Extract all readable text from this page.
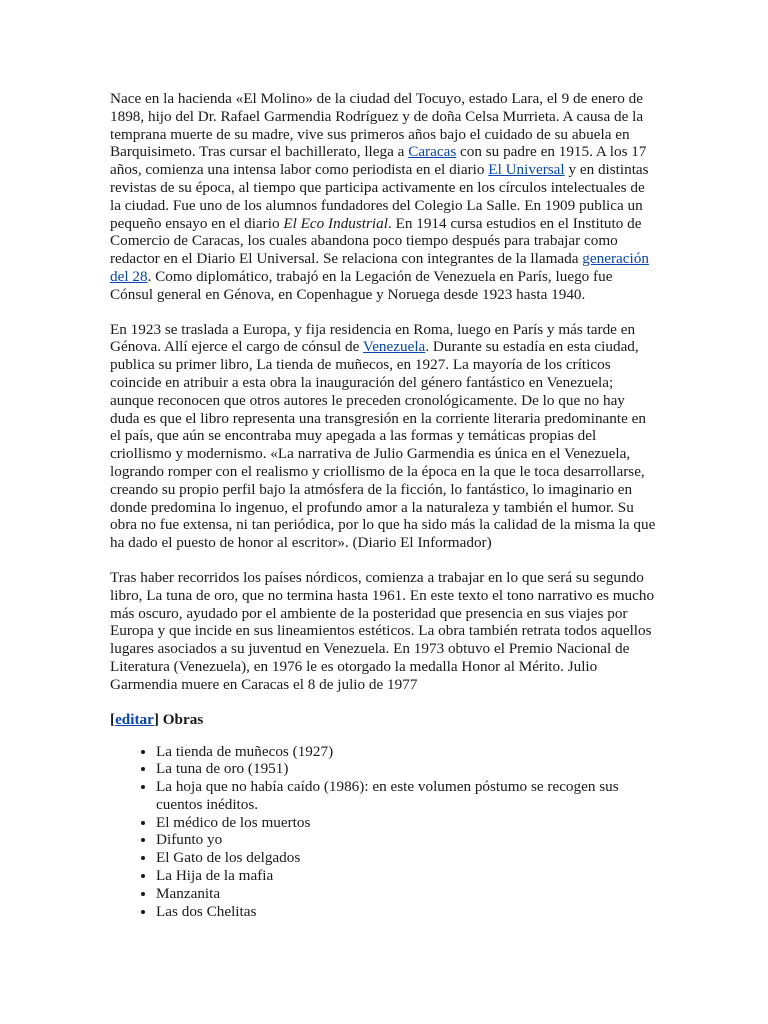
Nace en la hacienda «El Molino» de la ciudad del Tocuyo, estado Lara, el 9 de enero de 1898, hijo del Dr. Rafael Garmendia Rodríguez y de doña Celsa Murrieta. A causa de la temprana muerte de su madre, vive sus primeros años bajo el cuidado de su abuela en Barquisimeto. Tras cursar el bachillerato, llega a Caracas con su padre en 1915. A los 17 años, comienza una intensa labor como periodista en el diario El Universal y en distintas revistas de su época, al tiempo que participa activamente en los círculos intelectuales de la ciudad. Fue uno de los alumnos fundadores del Colegio La Salle. En 1909 publica un pequeño ensayo en el diario El Eco Industrial. En 1914 cursa estudios en el Instituto de Comercio de Caracas, los cuales abandona poco tiempo después para trabajar como redactor en el Diario El Universal. Se relaciona con integrantes de la llamada generación del 28. Como diplomático, trabajó en la Legación de Venezuela en París, luego fue Cónsul general en Génova, en Copenhague y Noruega desde 1923 hasta 1940.

En 1923 se traslada a Europa, y fija residencia en Roma, luego en París y más tarde en Génova. Allí ejerce el cargo de cónsul de Venezuela. Durante su estadía en esta ciudad, publica su primer libro, La tienda de muñecos, en 1927. La mayoría de los críticos coincide en atribuir a esta obra la inauguración del género fantástico en Venezuela; aunque reconocen que otros autores le preceden cronológicamente. De lo que no hay duda es que el libro representa una transgresión en la corriente literaria predominante en el país, que aún se encontraba muy apegada a las formas y temáticas propias del criollismo y modernismo. «La narrativa de Julio Garmendia es única en el Venezuela, logrando romper con el realismo y criollismo de la época en la que le toca desarrollarse, creando su propio perfil bajo la atmósfera de la ficción, lo fantástico, lo imaginario en donde predomina lo ingenuo, el profundo amor a la naturaleza y también el humor. Su obra no fue extensa, ni tan periódica, por lo que ha sido más la calidad de la misma la que ha dado el puesto de honor al escritor». (Diario El Informador)

Tras haber recorridos los países nórdicos, comienza a trabajar en lo que será su segundo libro, La tuna de oro, que no termina hasta 1961. En este texto el tono narrativo es mucho más oscuro, ayudado por el ambiente de la posteridad que presencia en sus viajes por Europa y que incide en sus lineamientos estéticos. La obra también retrata todos aquellos lugares asociados a su juventud en Venezuela. En 1973 obtuvo el Premio Nacional de Literatura (Venezuela), en 1976 le es otorgado la medalla Honor al Mérito. Julio Garmendia muere en Caracas el 8 de julio de 1977

[editar] Obras
• La tienda de muñecos (1927)
• La tuna de oro (1951)
• La hoja que no había caído (1986): en este volumen póstumo se recogen sus cuentos inéditos.
• El médico de los muertos
• Difunto yo
• El Gato de los delgados
• La Hija de la mafia
• Manzanita
• Las dos Chelitas
